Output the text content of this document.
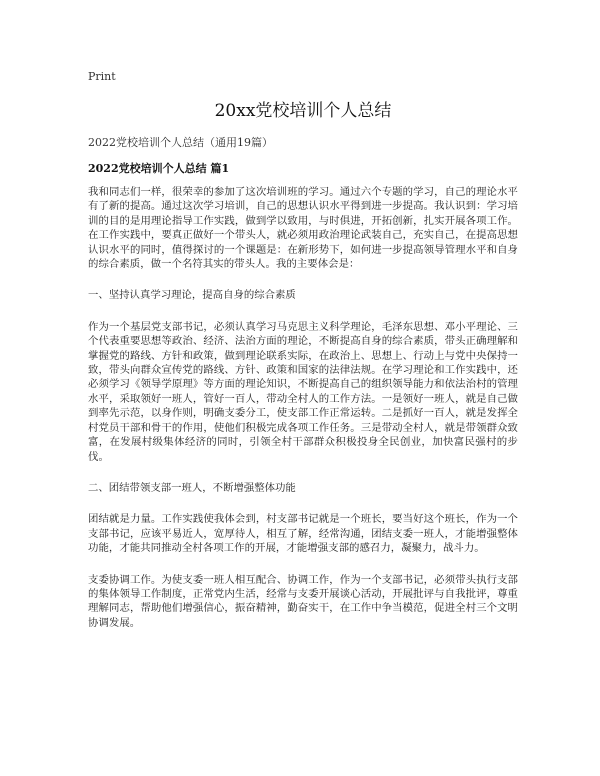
Print
20xx党校培训个人总结
2022党校培训个人总结（通用19篇）
2022党校培训个人总结 篇1

我和同志们一样，很荣幸的参加了这次培训班的学习。通过六个专题的学习，自己的理论水平有了新的提高。通过这次学习培训，自己的思想认识水平得到进一步提高。我认识到：学习培训的目的是用理论指导工作实践，做到学以致用，与时俱进，开拓创新，扎实开展各项工作。在工作实践中，要真正做好一个带头人，就必须用政治理论武装自己，充实自己，在提高思想认识水平的同时，值得探讨的一个课题是：在新形势下，如何进一步提高领导管理水平和自身的综合素质，做一个名符其实的带头人。我的主要体会是：

一、坚持认真学习理论，提高自身的综合素质

作为一个基层党支部书记，必须认真学习马克思主义科学理论，毛泽东思想、邓小平理论、三个代表重要思想等政治、经济、法治方面的理论，不断提高自身的综合素质，带头正确理解和掌握党的路线、方针和政策，做到理论联系实际，在政治上、思想上、行动上与党中央保持一致，带头向群众宣传党的路线、方针、政策和国家的法律法规。在学习理论和工作实践中，还必须学习《领导学原理》等方面的理论知识，不断提高自己的组织领导能力和依法治村的管理水平，采取领好一班人，管好一百人，带动全村人的工作方法。一是领好一班人，就是自己做到率先示范，以身作则，明确支委分工，使支部工作正常运转。二是抓好一百人，就是发挥全村党员干部和骨干的作用，使他们积极完成各项工作任务。三是带动全村人，就是带领群众致富，在发展村级集体经济的同时，引领全村干部群众积极投身全民创业，加快富民强村的步伐。

二、团结带领支部一班人，不断增强整体功能

团结就是力量。工作实践使我体会到，村支部书记就是一个班长，要当好这个班长，作为一个支部书记，应该平易近人，宽厚待人，相互了解，经常沟通，团结支委一班人，才能增强整体功能，才能共同推动全村各项工作的开展，才能增强支部的感召力，凝聚力，战斗力。

支委协调工作。为使支委一班人相互配合、协调工作，作为一个支部书记，必须带头执行支部的集体领导工作制度，正常党内生活，经常与支委开展谈心活动，开展批评与自我批评，尊重理解同志，帮助他们增强信心，振奋精神，勤奋实干，在工作中争当模范，促进全村三个文明协调发展。
